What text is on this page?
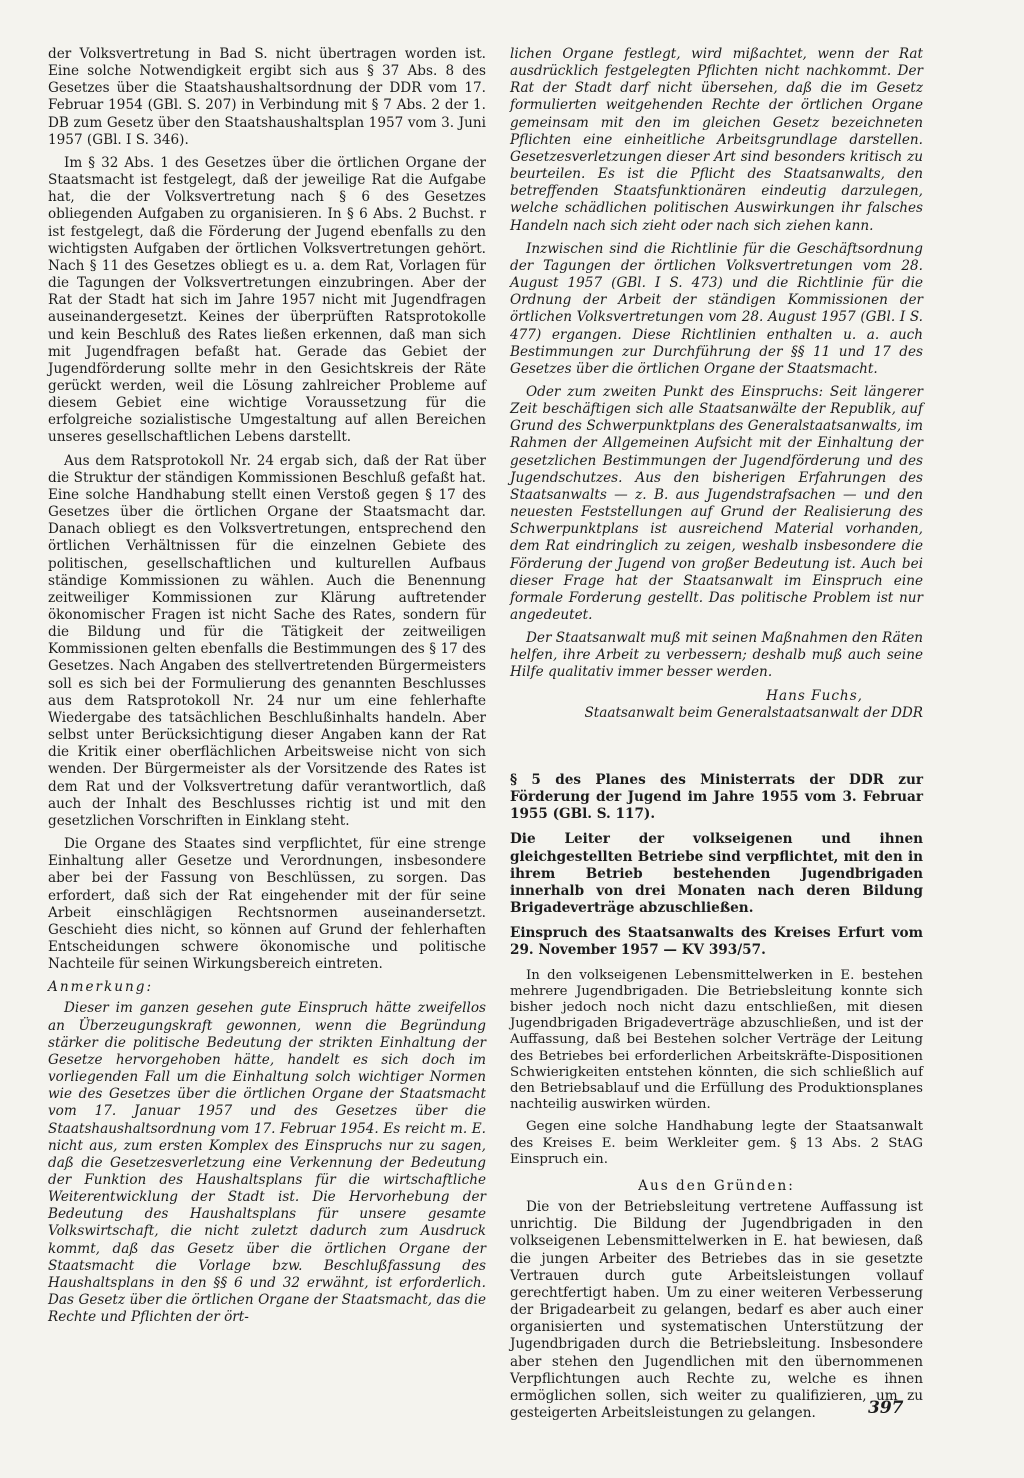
der Volksvertretung in Bad S. nicht übertragen worden ist. Eine solche Notwendigkeit ergibt sich aus § 37 Abs. 8 des Gesetzes über die Staatshaushaltsordnung der DDR vom 17. Februar 1954 (GBl. S. 207) in Verbindung mit § 7 Abs. 2 der 1. DB zum Gesetz über den Staatshaushaltsplan 1957 vom 3. Juni 1957 (GBl. I S. 346).

Im § 32 Abs. 1 des Gesetzes über die örtlichen Organe der Staatsmacht ist festgelegt, daß der jeweilige Rat die Aufgabe hat, die der Volksvertretung nach § 6 des Gesetzes obliegenden Aufgaben zu organisieren. In § 6 Abs. 2 Buchst. r ist festgelegt, daß die Förderung der Jugend ebenfalls zu den wichtigsten Aufgaben der örtlichen Volksvertretungen gehört. Nach § 11 des Gesetzes obliegt es u. a. dem Rat, Vorlagen für die Tagungen der Volksvertretungen einzubringen. Aber der Rat der Stadt hat sich im Jahre 1957 nicht mit Jugendfragen auseinandergesetzt. Keines der überprüften Ratsprotokolle und kein Beschluß des Rates ließen erkennen, daß man sich mit Jugendfragen befaßt hat. Gerade das Gebiet der Jugendförderung sollte mehr in den Gesichtskreis der Räte gerückt werden, weil die Lösung zahlreicher Probleme auf diesem Gebiet eine wichtige Voraussetzung für die erfolgreiche sozialistische Umgestaltung auf allen Bereichen unseres gesellschaftlichen Lebens darstellt.

Aus dem Ratsprotokoll Nr. 24 ergab sich, daß der Rat über die Struktur der ständigen Kommissionen Beschluß gefaßt hat. Eine solche Handhabung stellt einen Verstoß gegen § 17 des Gesetzes über die örtlichen Organe der Staatsmacht dar. Danach obliegt es den Volksvertretungen, entsprechend den örtlichen Verhältnissen für die einzelnen Gebiete des politischen, gesellschaftlichen und kulturellen Aufbaus ständige Kommissionen zu wählen. Auch die Benennung zeitweiliger Kommissionen zur Klärung auftretender ökonomischer Fragen ist nicht Sache des Rates, sondern für die Bildung und für die Tätigkeit der zeitweiligen Kommissionen gelten ebenfalls die Bestimmungen des § 17 des Gesetzes. Nach Angaben des stellvertretenden Bürgermeisters soll es sich bei der Formulierung des genannten Beschlusses aus dem Ratsprotokoll Nr. 24 nur um eine fehlerhafte Wiedergabe des tatsächlichen Beschlußinhalts handeln. Aber selbst unter Berücksichtigung dieser Angaben kann der Rat die Kritik einer oberflächlichen Arbeitsweise nicht von sich wenden. Der Bürgermeister als der Vorsitzende des Rates ist dem Rat und der Volksvertretung dafür verantwortlich, daß auch der Inhalt des Beschlusses richtig ist und mit den gesetzlichen Vorschriften in Einklang steht.

Die Organe des Staates sind verpflichtet, für eine strenge Einhaltung aller Gesetze und Verordnungen, insbesondere aber bei der Fassung von Beschlüssen, zu sorgen. Das erfordert, daß sich der Rat eingehender mit der für seine Arbeit einschlägigen Rechtsnormen auseinandersetzt. Geschieht dies nicht, so können auf Grund der fehlerhaften Entscheidungen schwere ökonomische und politische Nachteile für seinen Wirkungsbereich eintreten.

Anmerkung:

Dieser im ganzen gesehen gute Einspruch hätte zweifellos an Überzeugungskraft gewonnen, wenn die Begründung stärker die politische Bedeutung der strikten Einhaltung der Gesetze hervorgehoben hätte, handelt es sich doch im vorliegenden Fall um die Einhaltung solch wichtiger Normen wie des Gesetzes über die örtlichen Organe der Staatsmacht vom 17. Januar 1957 und des Gesetzes über die Staatshaushaltsordnung vom 17. Februar 1954. Es reicht m. E. nicht aus, zum ersten Komplex des Einspruchs nur zu sagen, daß die Gesetzesverletzung eine Verkennung der Bedeutung der Funktion des Haushaltsplans für die wirtschaftliche Weiterentwicklung der Stadt ist. Die Hervorhebung der Bedeutung des Haushaltsplans für unsere gesamte Volkswirtschaft, die nicht zuletzt dadurch zum Ausdruck kommt, daß das Gesetz über die örtlichen Organe der Staatsmacht die Vorlage bzw. Beschlußfassung des Haushaltsplans in den §§ 6 und 32 erwähnt, ist erforderlich. Das Gesetz über die örtlichen Organe der Staatsmacht, das die Rechte und Pflichten der ört-

lichen Organe festlegt, wird mißachtet, wenn der Rat ausdrücklich festgelegten Pflichten nicht nachkommt. Der Rat der Stadt darf nicht übersehen, daß die im Gesetz formulierten weitgehenden Rechte der örtlichen Organe gemeinsam mit den im gleichen Gesetz bezeichneten Pflichten eine einheitliche Arbeitsgrundlage darstellen. Gesetzesverletzungen dieser Art sind besonders kritisch zu beurteilen. Es ist die Pflicht des Staatsanwalts, den betreffenden Staatsfunktionären eindeutig darzulegen, welche schädlichen politischen Auswirkungen ihr falsches Handeln nach sich zieht oder nach sich ziehen kann.

Inzwischen sind die Richtlinie für die Geschäftsordnung der Tagungen der örtlichen Volksvertretungen vom 28. August 1957 (GBl. I S. 473) und die Richtlinie für die Ordnung der Arbeit der ständigen Kommissionen der örtlichen Volksvertretungen vom 28. August 1957 (GBl. I S. 477) ergangen. Diese Richtlinien enthalten u. a. auch Bestimmungen zur Durchführung der §§ 11 und 17 des Gesetzes über die örtlichen Organe der Staatsmacht.

Oder zum zweiten Punkt des Einspruchs: Seit längerer Zeit beschäftigen sich alle Staatsanwälte der Republik, auf Grund des Schwerpunktplans des Generalstaatsanwalts, im Rahmen der Allgemeinen Aufsicht mit der Einhaltung der gesetzlichen Bestimmungen der Jugendförderung und des Jugendschutzes. Aus den bisherigen Erfahrungen des Staatsanwalts — z. B. aus Jugendstrafsachen — und den neuesten Feststellungen auf Grund der Realisierung des Schwerpunktplans ist ausreichend Material vorhanden, dem Rat eindringlich zu zeigen, weshalb insbesondere die Förderung der Jugend von großer Bedeutung ist. Auch bei dieser Frage hat der Staatsanwalt im Einspruch eine formale Forderung gestellt. Das politische Problem ist nur angedeutet.

Der Staatsanwalt muß mit seinen Maßnahmen den Räten helfen, ihre Arbeit zu verbessern; deshalb muß auch seine Hilfe qualitativ immer besser werden.

Hans Fuchs,

Staatsanwalt beim Generalstaatsanwalt der DDR

§ 5 des Planes des Ministerrats der DDR zur Förderung der Jugend im Jahre 1955 vom 3. Februar 1955 (GBl. S. 117).

Die Leiter der volkseigenen und ihnen gleichgestellten Betriebe sind verpflichtet, mit den in ihrem Betrieb bestehenden Jugendbrigaden innerhalb von drei Monaten nach deren Bildung Brigadeverträge abzuschließen.

Einspruch des Staatsanwalts des Kreises Erfurt vom 29. November 1957 — KV 393/57.

In den volkseigenen Lebensmittelwerken in E. bestehen mehrere Jugendbrigaden. Die Betriebsleitung konnte sich bisher jedoch noch nicht dazu entschließen, mit diesen Jugendbrigaden Brigadeverträge abzuschließen, und ist der Auffassung, daß bei Bestehen solcher Verträge der Leitung des Betriebes bei erforderlichen Arbeitskräfte-Dispositionen Schwierigkeiten entstehen könnten, die sich schließlich auf den Betriebsablauf und die Erfüllung des Produktionsplanes nachteilig auswirken würden.

Gegen eine solche Handhabung legte der Staatsanwalt des Kreises E. beim Werkleiter gem. § 13 Abs. 2 StAG Einspruch ein.

Aus den Gründen:

Die von der Betriebsleitung vertretene Auffassung ist unrichtig. Die Bildung der Jugendbrigaden in den volkseigenen Lebensmittelwerken in E. hat bewiesen, daß die jungen Arbeiter des Betriebes das in sie gesetzte Vertrauen durch gute Arbeitsleistungen vollauf gerechtfertigt haben. Um zu einer weiteren Verbesserung der Brigadearbeit zu gelangen, bedarf es aber auch einer organisierten und systematischen Unterstützung der Jugendbrigaden durch die Betriebsleitung. Insbesondere aber stehen den Jugendlichen mit den übernommenen Verpflichtungen auch Rechte zu, welche es ihnen ermöglichen sollen, sich weiter zu qualifizieren, um zu gesteigerten Arbeitsleistungen zu gelangen.	397
